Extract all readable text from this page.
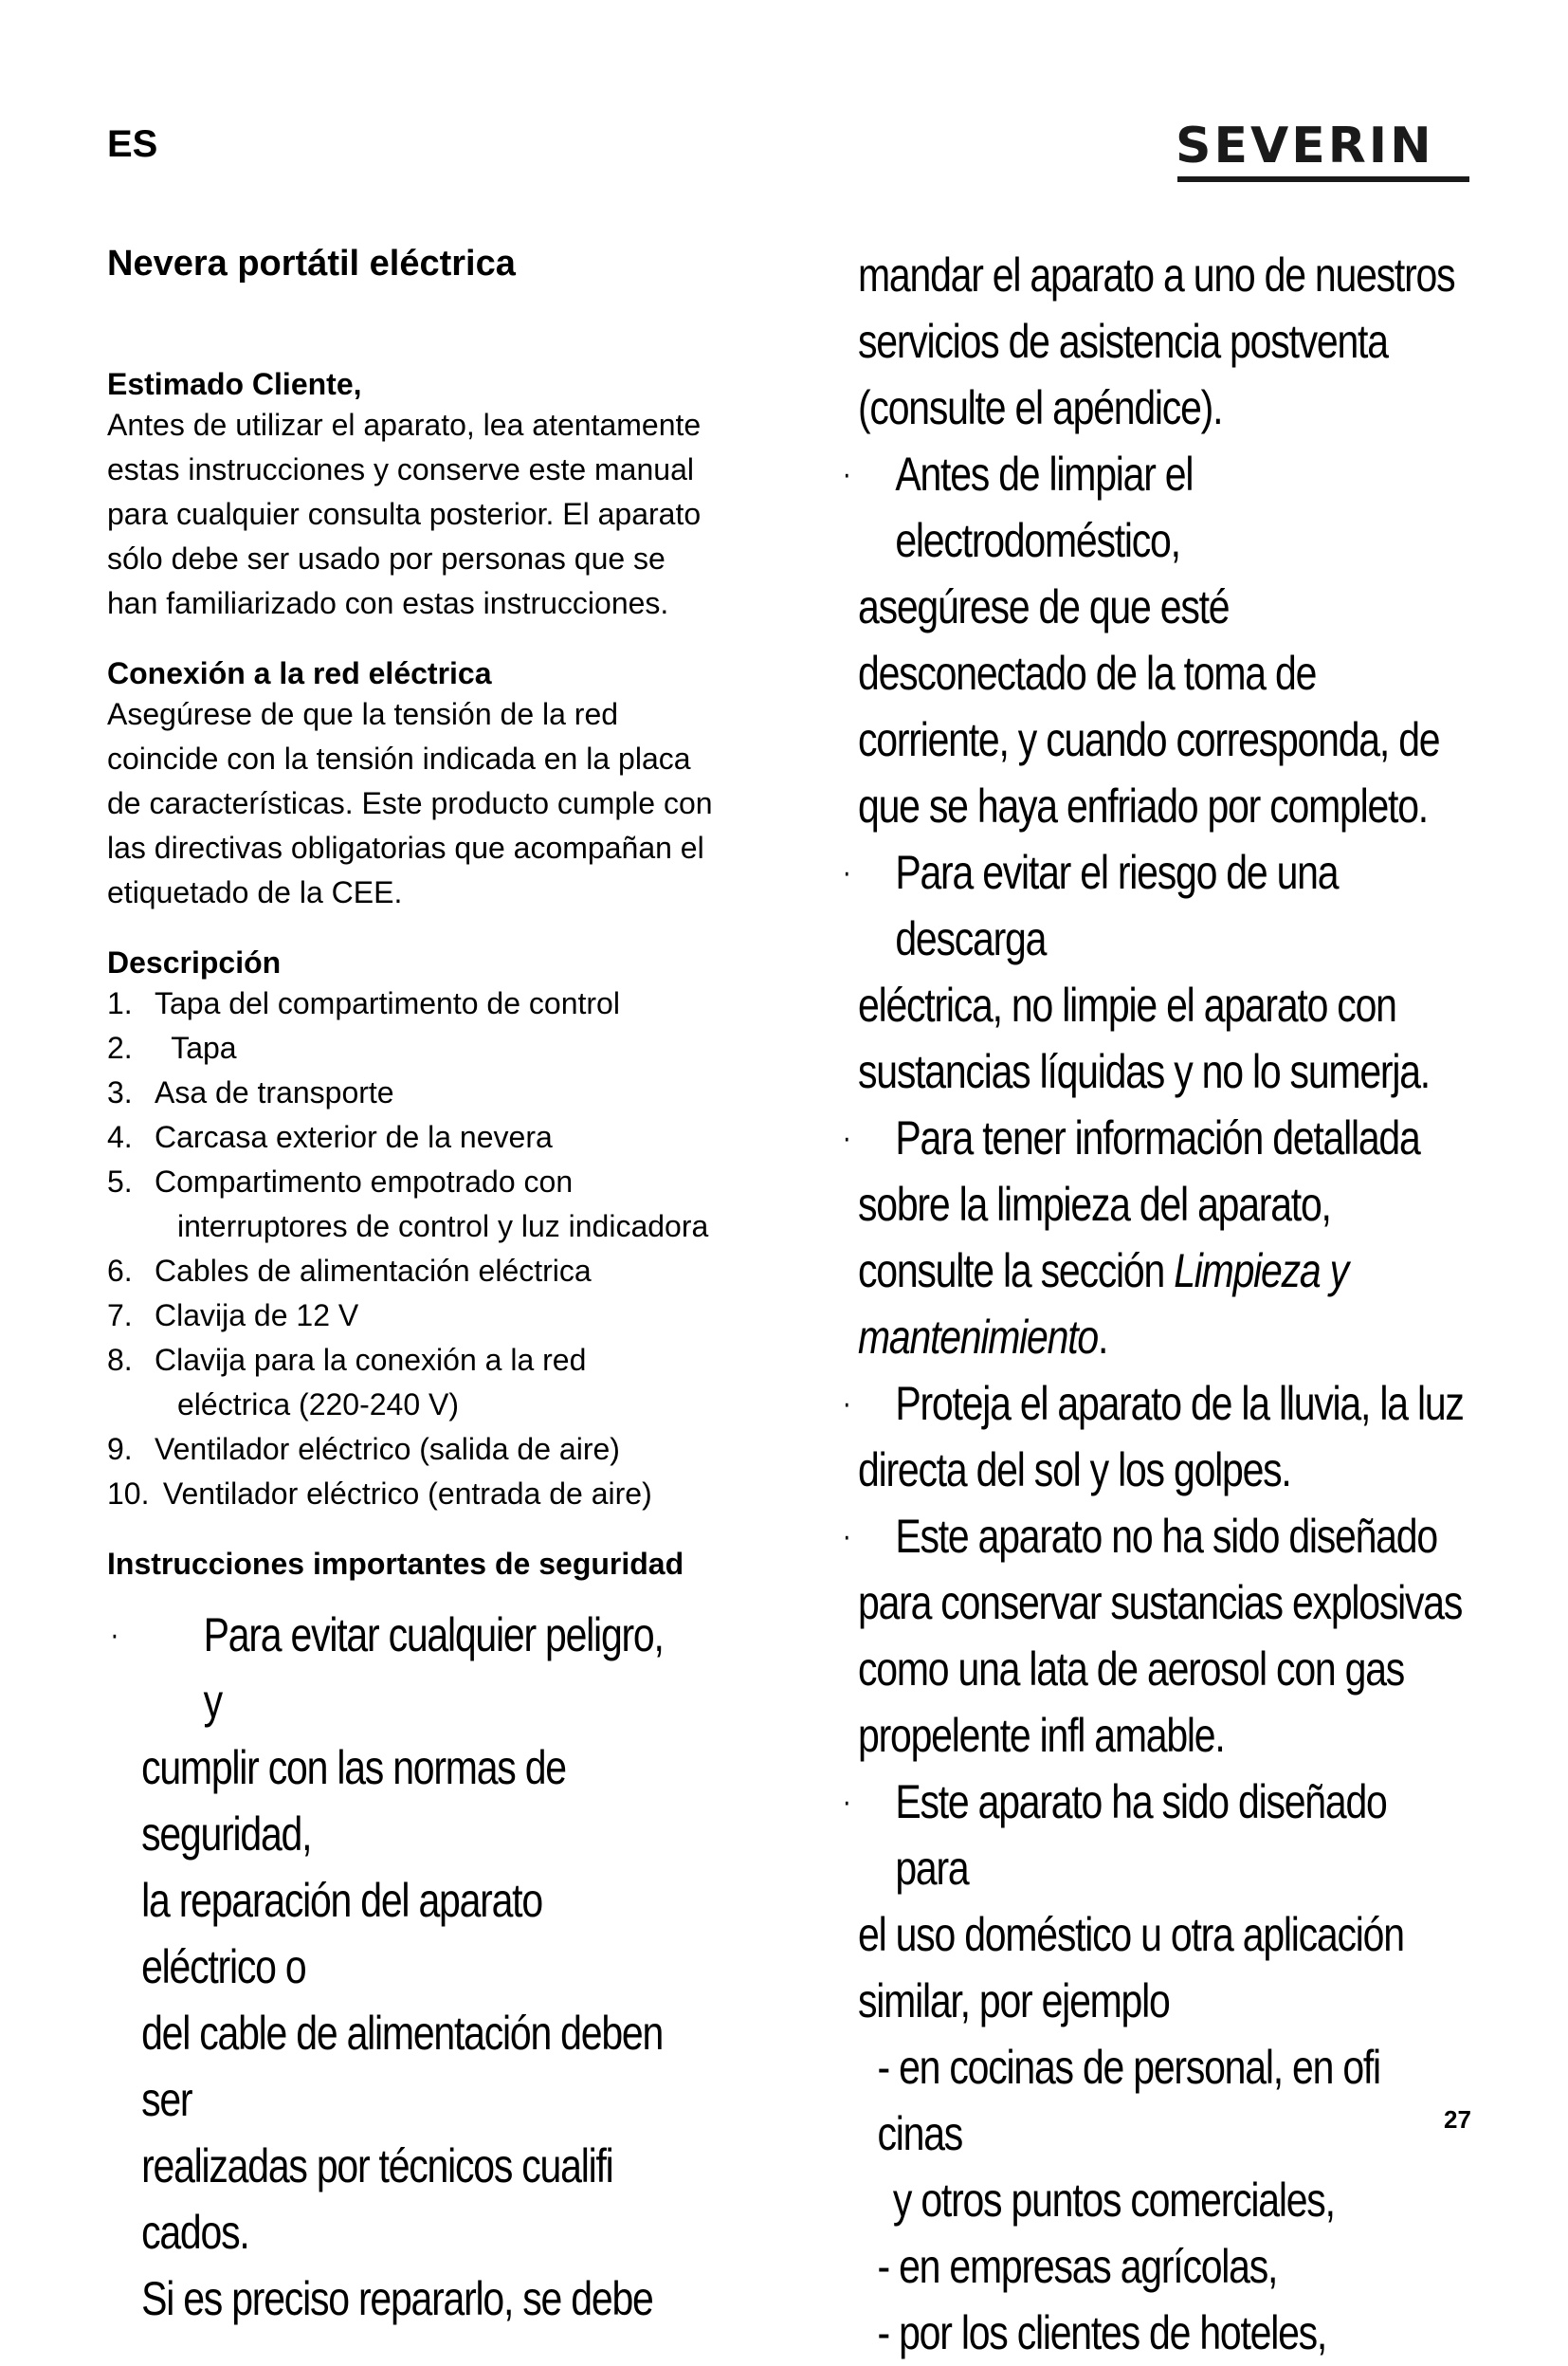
ES	SEVERIN
Nevera portátil eléctrica

Estimado Cliente,

Antes de utilizar el aparato, lea atentamente

estas instrucciones y conserve este manual

para cualquier consulta posterior. El aparato

sólo debe ser usado por personas que se

han familiarizado con estas instrucciones.

Conexión a la red eléctrica

Asegúrese de que la tensión de la red

coincide con la tensión indicada en la placa

de características. Este producto cumple con

las directivas obligatorias que acompañan el

etiquetado de la CEE.

Descripción

1. Tapa del compartimento de control
2. Tapa
3. Asa de transporte
4. Carcasa exterior de la nevera
5. Compartimento empotrado con
interruptores de control y luz indicadora
6. Cables de alimentación eléctrica
7. Clavija de 12 V
8. Clavija para la conexión a la red
eléctrica (220-240 V)
9. Ventilador eléctrico (salida de aire)
10. Ventilador eléctrico (entrada de aire)

Instrucciones importantes de seguridad

·	Para evitar cualquier peligro, y
cumplir con las normas de seguridad,
la reparación del aparato eléctrico o
del cable de alimentación deben ser
realizadas por técnicos cualifi cados.
Si es preciso repararlo, se debe
mandar el aparato a uno de nuestros
servicios de asistencia postventa
(consulte el apéndice).
· Antes de limpiar el electrodoméstico,
asegúrese de que esté
desconectado de la toma de
corriente, y cuando corresponda, de
que se haya enfriado por completo.
· Para evitar el riesgo de una descarga
eléctrica, no limpie el aparato con
sustancias líquidas y no lo sumerja.
· Para tener información detallada
sobre la limpieza del aparato,
consulte la sección Limpieza y
mantenimiento.
· Proteja el aparato de la lluvia, la luz
directa del sol y los golpes.
· Este aparato no ha sido diseñado
para conservar sustancias explosivas
como una lata de aerosol con gas
propelente infl amable.
· Este aparato ha sido diseñado para
el uso doméstico u otra aplicación
similar, por ejemplo
- en cocinas de personal, en ofi cinas
y otros puntos comerciales,
- en empresas agrícolas,
- por los clientes de hoteles,
27
